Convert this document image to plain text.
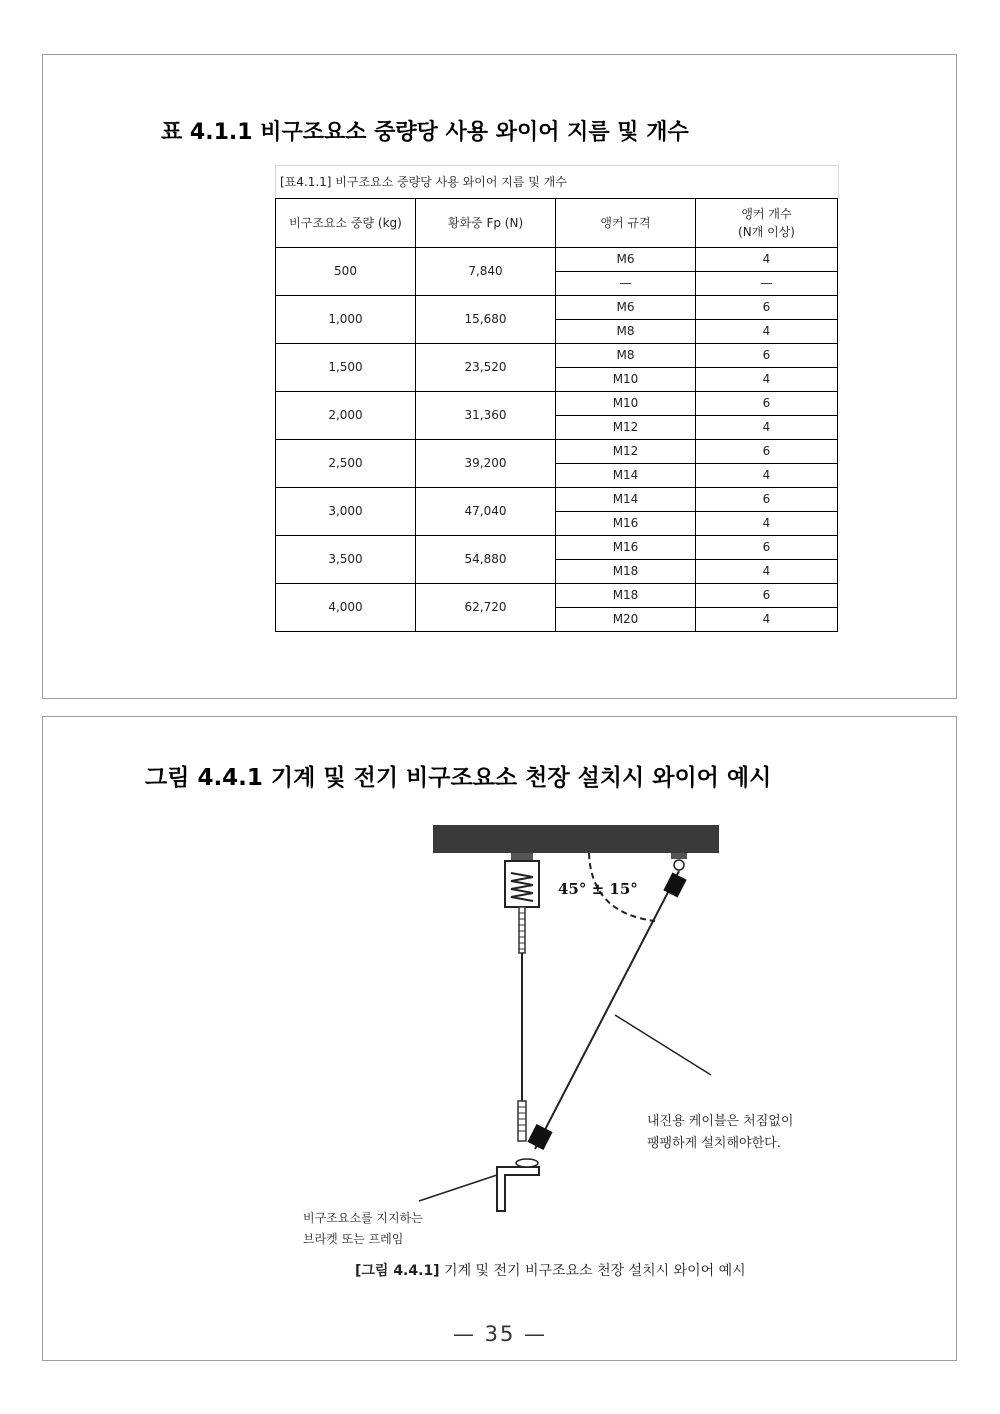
표 4.1.1 비구조요소 중량당 사용 와이어 지름 및 개수
[표4.1.1] 비구조요소 중량당 사용 와이어 지름 및 개수
비구조요소 중량 (kg)	황화중 Fp (N)	앵커 규격	앵커 개수
(N개 이상)
500	7,840	M6	4
		—	—
1,000	15,680	M6	6
		M8	4
1,500	23,520	M8	6
		M10	4
2,000	31,360	M10	6
		M12	4
2,500	39,200	M12	6
		M14	4
3,000	47,040	M14	6
		M16	4
3,500	54,880	M16	6
		M18	4
4,000	62,720	M18	6
		M20	4
그림 4.4.1 기계 및 전기 비구조요소 천장 설치시 와이어 예시
45° ± 15°
내진용 케이블은 처짐없이
팽팽하게 설치해야한다.
비구조요소를 지지하는
브라켓 또는 프레임
[그림 4.4.1] 기계 및 전기 비구조요소 천장 설치시 와이어 예시
— 35 —
